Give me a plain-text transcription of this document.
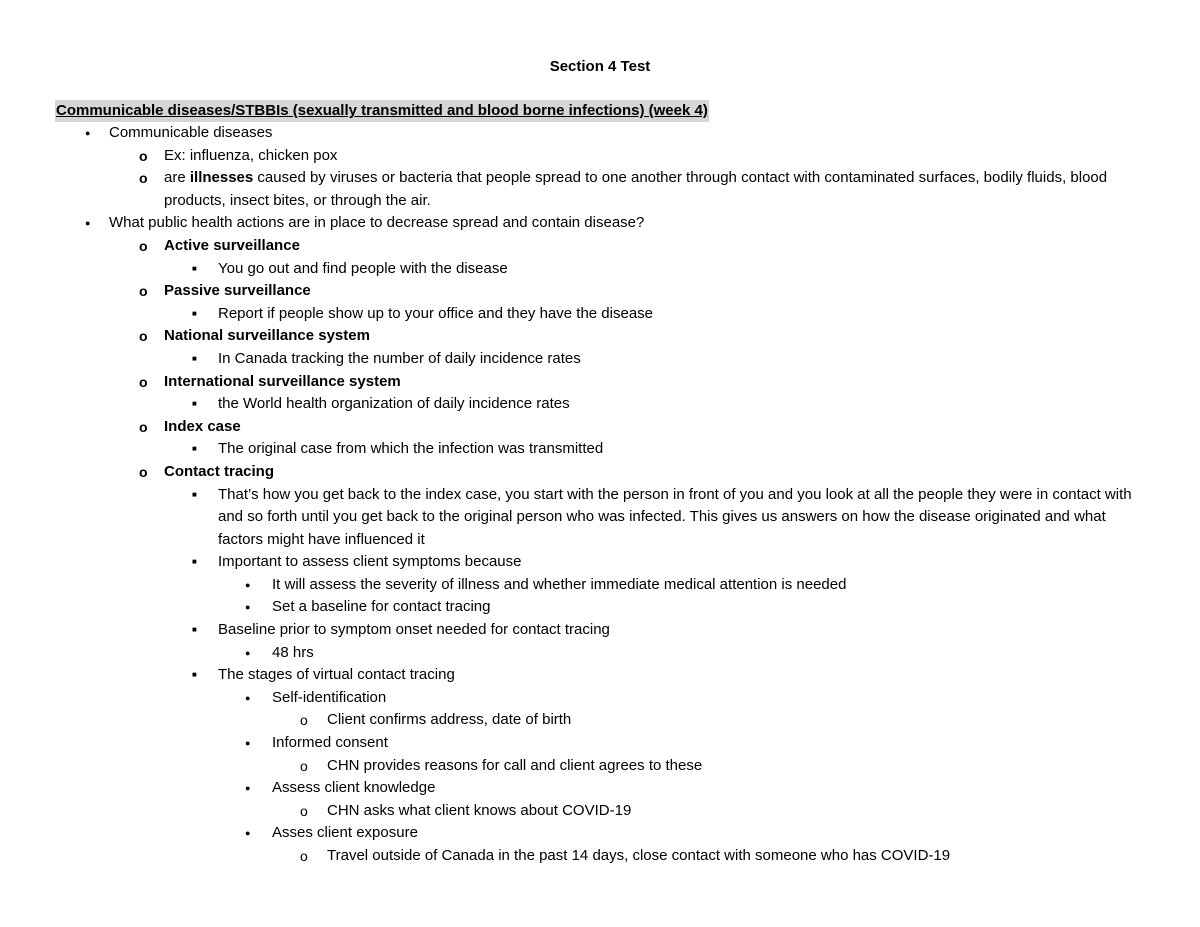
Section 4 Test
Communicable diseases/STBBIs (sexually transmitted and blood borne infections) (week 4)
● Communicable diseases
o Ex: influenza, chicken pox
o are illnesses caused by viruses or bacteria that people spread to one another through contact with contaminated surfaces, bodily fluids, blood products, insect bites, or through the air.
● What public health actions are in place to decrease spread and contain disease?
o Active surveillance
■ You go out and find people with the disease
o Passive surveillance
■ Report if people show up to your office and they have the disease
o National surveillance system
■ In Canada tracking the number of daily incidence rates
o International surveillance system
■ the World health organization of daily incidence rates
o Index case
■ The original case from which the infection was transmitted
o Contact tracing
■ That’s how you get back to the index case, you start with the person in front of you and you look at all the people they were in contact with and so forth until you get back to the original person who was infected. This gives us answers on how the disease originated and what factors might have influenced it
■ Important to assess client symptoms because
● It will assess the severity of illness and whether immediate medical attention is needed
● Set a baseline for contact tracing
■ Baseline prior to symptom onset needed for contact tracing
● 48 hrs
■ The stages of virtual contact tracing
● Self-identification
o Client confirms address, date of birth
● Informed consent
o CHN provides reasons for call and client agrees to these
● Assess client knowledge
o CHN asks what client knows about COVID-19
● Asses client exposure
o Travel outside of Canada in the past 14 days, close contact with someone who has COVID-19
